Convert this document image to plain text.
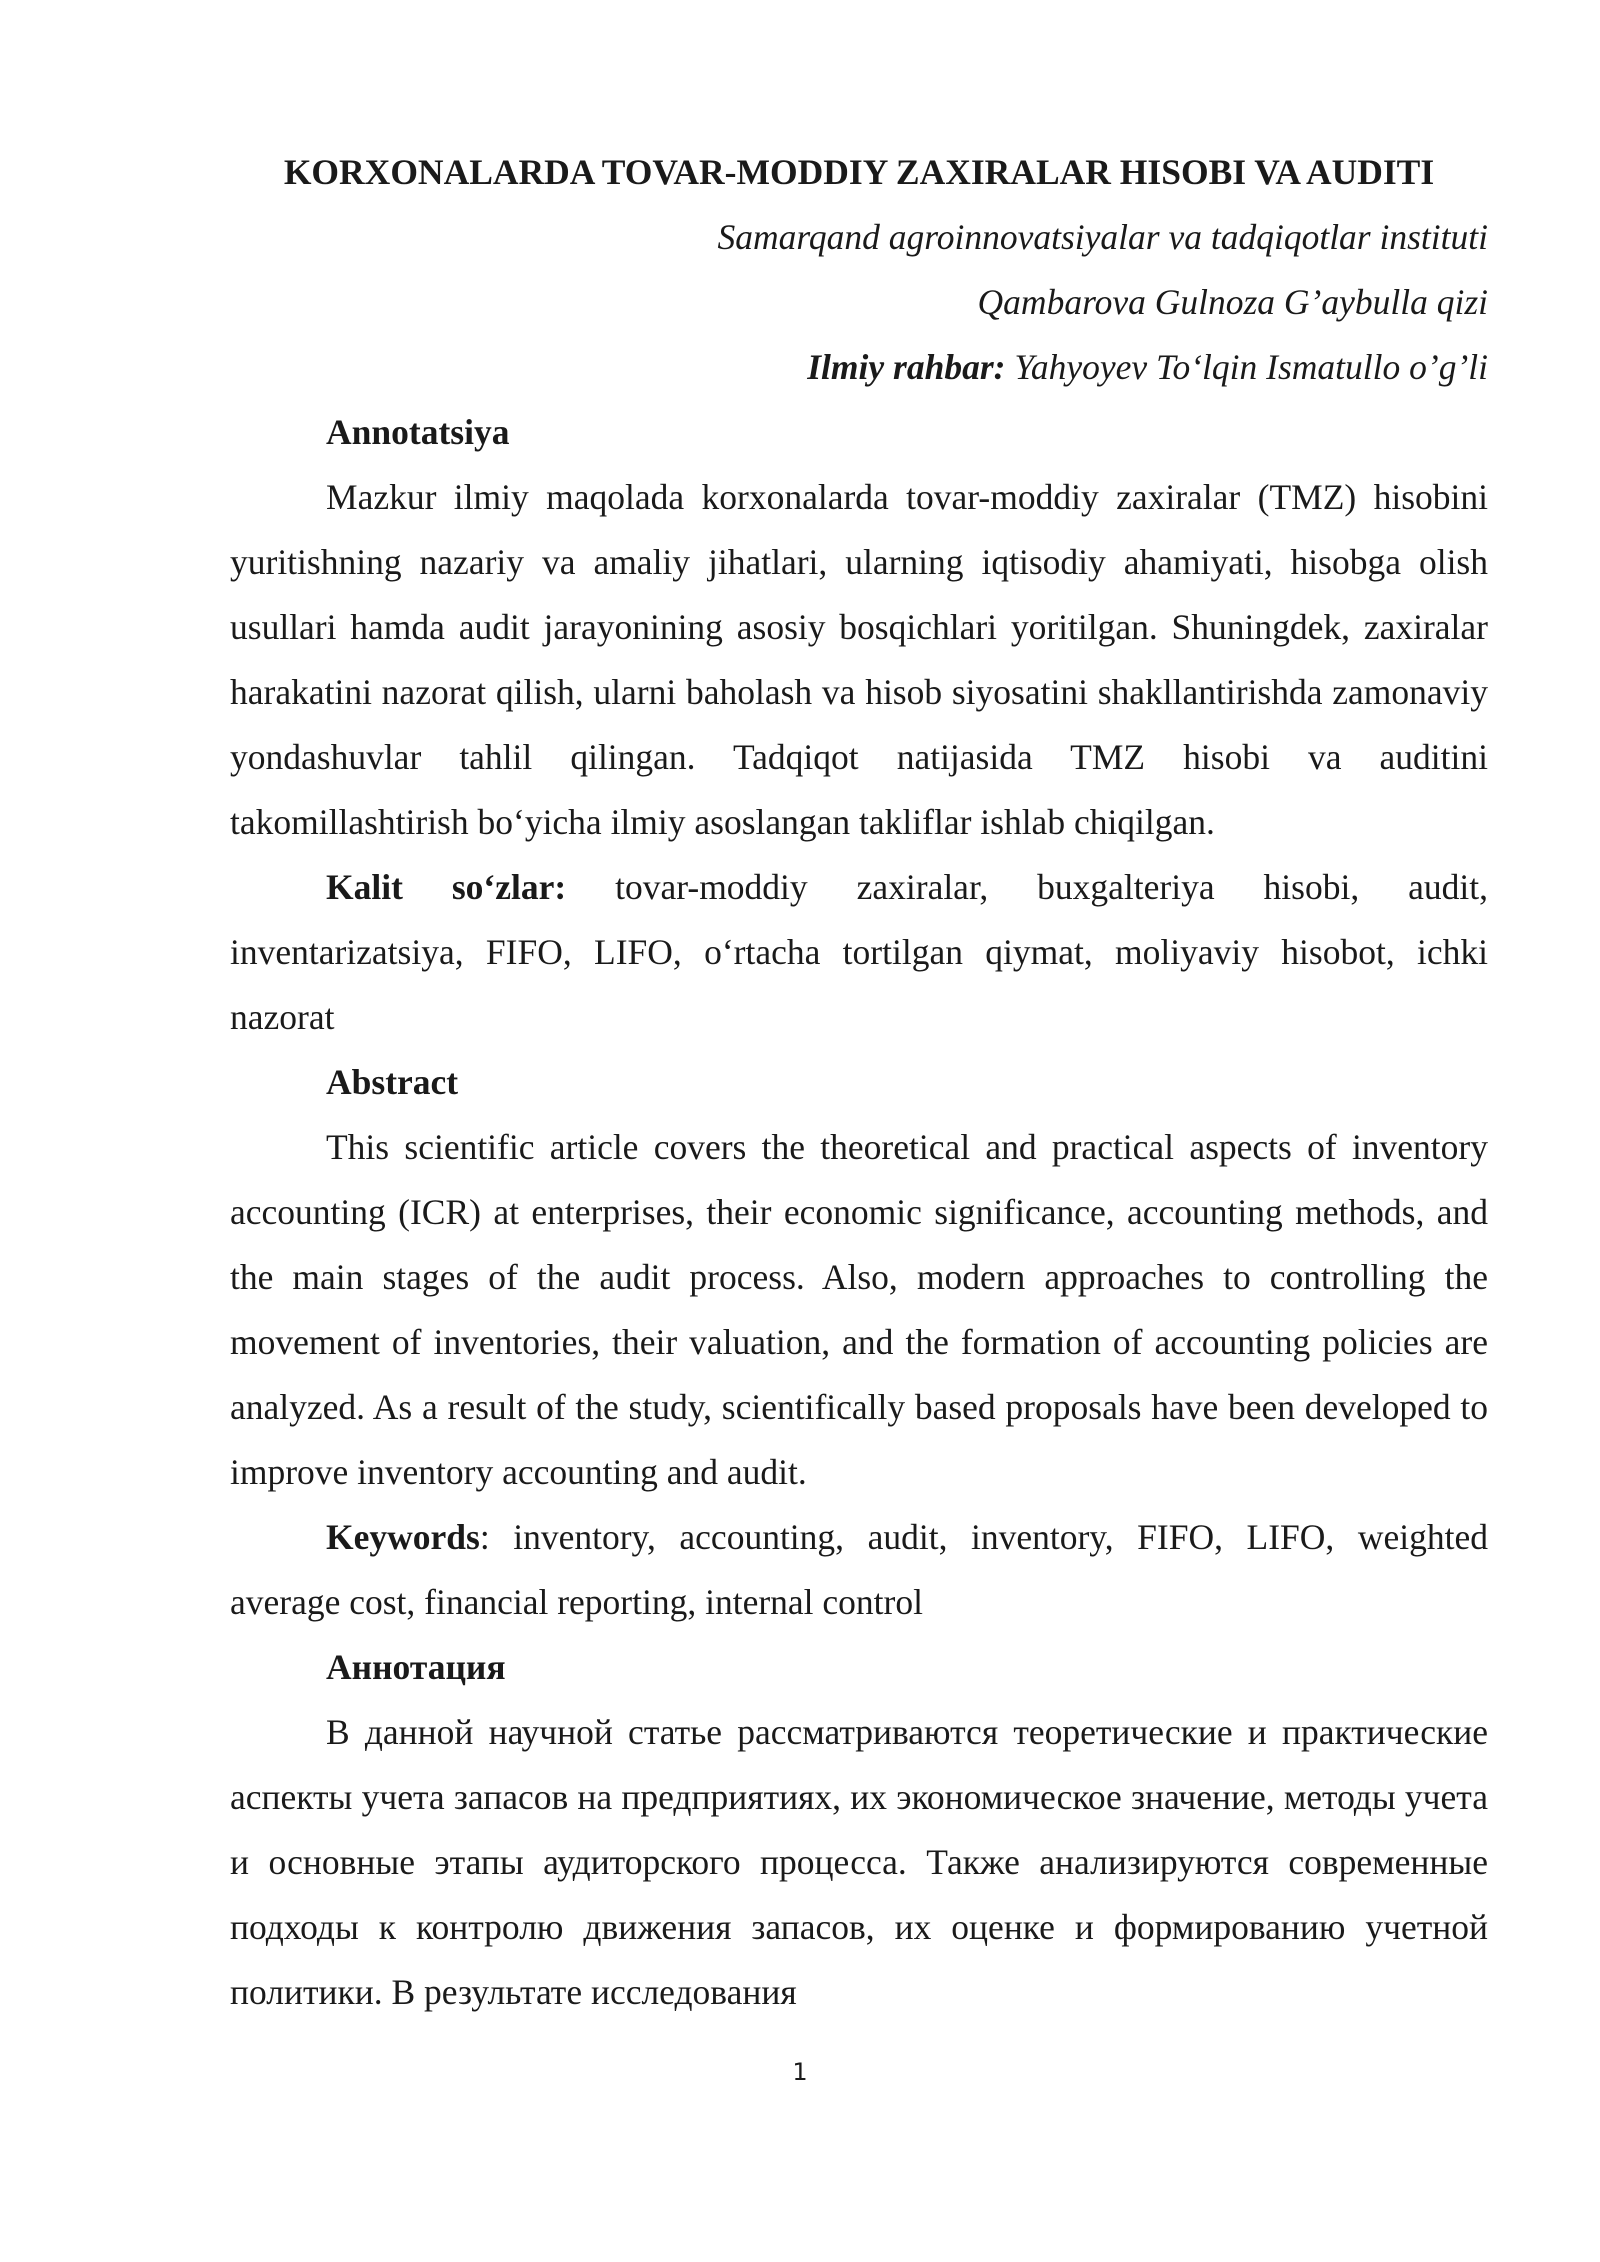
KORXONALARDA TOVAR-MODDIY ZAXIRALAR HISOBI VA AUDITI

Samarqand agroinnovatsiyalar va tadqiqotlar instituti

Qambarova Gulnoza G’aybulla qizi

Ilmiy rahbar: Yahyoyev To‘lqin Ismatullo o’g’li

Annotatsiya

Mazkur ilmiy maqolada korxonalarda tovar-moddiy zaxiralar (TMZ) hisobini yuritishning nazariy va amaliy jihatlari, ularning iqtisodiy ahamiyati, hisobga olish usullari hamda audit jarayonining asosiy bosqichlari yoritilgan. Shuningdek, zaxiralar harakatini nazorat qilish, ularni baholash va hisob siyosatini shakllantirishda zamonaviy yondashuvlar tahlil qilingan. Tadqiqot natijasida TMZ hisobi va auditini takomillashtirish bo‘yicha ilmiy asoslangan takliflar ishlab chiqilgan.

Kalit so‘zlar: tovar-moddiy zaxiralar, buxgalteriya hisobi, audit, inventarizatsiya, FIFO, LIFO, o‘rtacha tortilgan qiymat, moliyaviy hisobot, ichki nazorat

Abstract

This scientific article covers the theoretical and practical aspects of inventory accounting (ICR) at enterprises, their economic significance, accounting methods, and the main stages of the audit process. Also, modern approaches to controlling the movement of inventories, their valuation, and the formation of accounting policies are analyzed. As a result of the study, scientifically based proposals have been developed to improve inventory accounting and audit.

Keywords: inventory, accounting, audit, inventory, FIFO, LIFO, weighted average cost, financial reporting, internal control

Аннотация

В данной научной статье рассматриваются теоретические и практические аспекты учета запасов на предприятиях, их экономическое значение, методы учета и основные этапы аудиторского процесса. Также анализируются современные подходы к контролю движения запасов, их оценке и формированию учетной политики. В результате исследования

1
